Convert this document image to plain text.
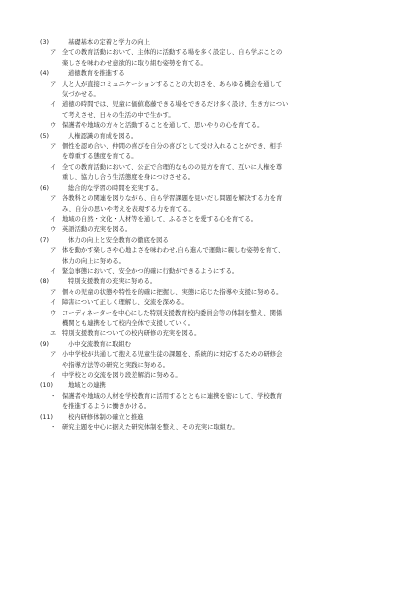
(3)	基礎基本の定着と学力の向上
ア 全ての教育活動において、主体的に活動する場を多く設定し、自ら学ぶことの
楽しさを味わわせ意欲的に取り組む姿勢を育てる。
(4)	道徳教育を推進する
ア 人と人が直接コミュニケーションすることの大切さを、あらゆる機会を通して
気づかせる。
イ 道徳の時間では、児童に価値葛藤できる場をできるだけ多く設け、生き方につい
て考えさせ、日々の生活の中で生かす。
ウ 保護者や地域の方々と活動することを通して、思いやりの心を育てる。
(5)	人権認識の育成を図る。
ア 個性を認め合い、仲間の喜びを自分の喜びとして受け入れることができ、相手
を尊重する態度を育てる。
イ 全ての教育活動において、公正で合理的なものの見方を育て、互いに人権を尊
重し、協力し合う生活態度を身につけさせる。
(6)	総合的な学習の時間を充実する。
ア 各教科との関連を図りながら、自ら学習課題を見いだし問題を解決する力を育
み、自分の思いや考えを表現する力を育てる。
イ 地域の自然・文化・人材等を通して、ふるさとを愛する心を育てる。
ウ 英語活動の充実を図る。
(7)	体力の向上と安全教育の徹底を図る
ア 体を動かす楽しさや心地よさを味わわせ,自ら進んで運動に親しむ姿勢を育て、
体力の向上に努める。
イ 緊急事態において、安全かつ的確に行動ができるようにする。
(8)	特別支援教育の充実に努める。
ア 個々の児童の状態や特性を的確に把握し、実態に応じた指導や支援に努める。
イ 障害について正しく理解し、交流を深める。
ウ コーディネーターを中心にした特別支援教育校内委員会等の体制を整え、関係
機関とも連携をして校内全体で支援していく。
エ 特別支援教育についての校内研修の充実を図る。
(9)	小中交流教育に取組む
ア 小中学校が共通して抱える児童生徒の課題を、系統的に対応するための研修会
や指導方法等の研究と実践に努める。
イ 中学校との交流を図り段差解消に努める。
(10)	地域との連携
・ 保護者や地域の人材を学校教育に活用するとともに連携を密にして、学校教育
を推進するように働きかける。
(11)	校内研修体制の確立と推進
・ 研究主題を中心に据えた研究体制を整え、その充実に取組む。
